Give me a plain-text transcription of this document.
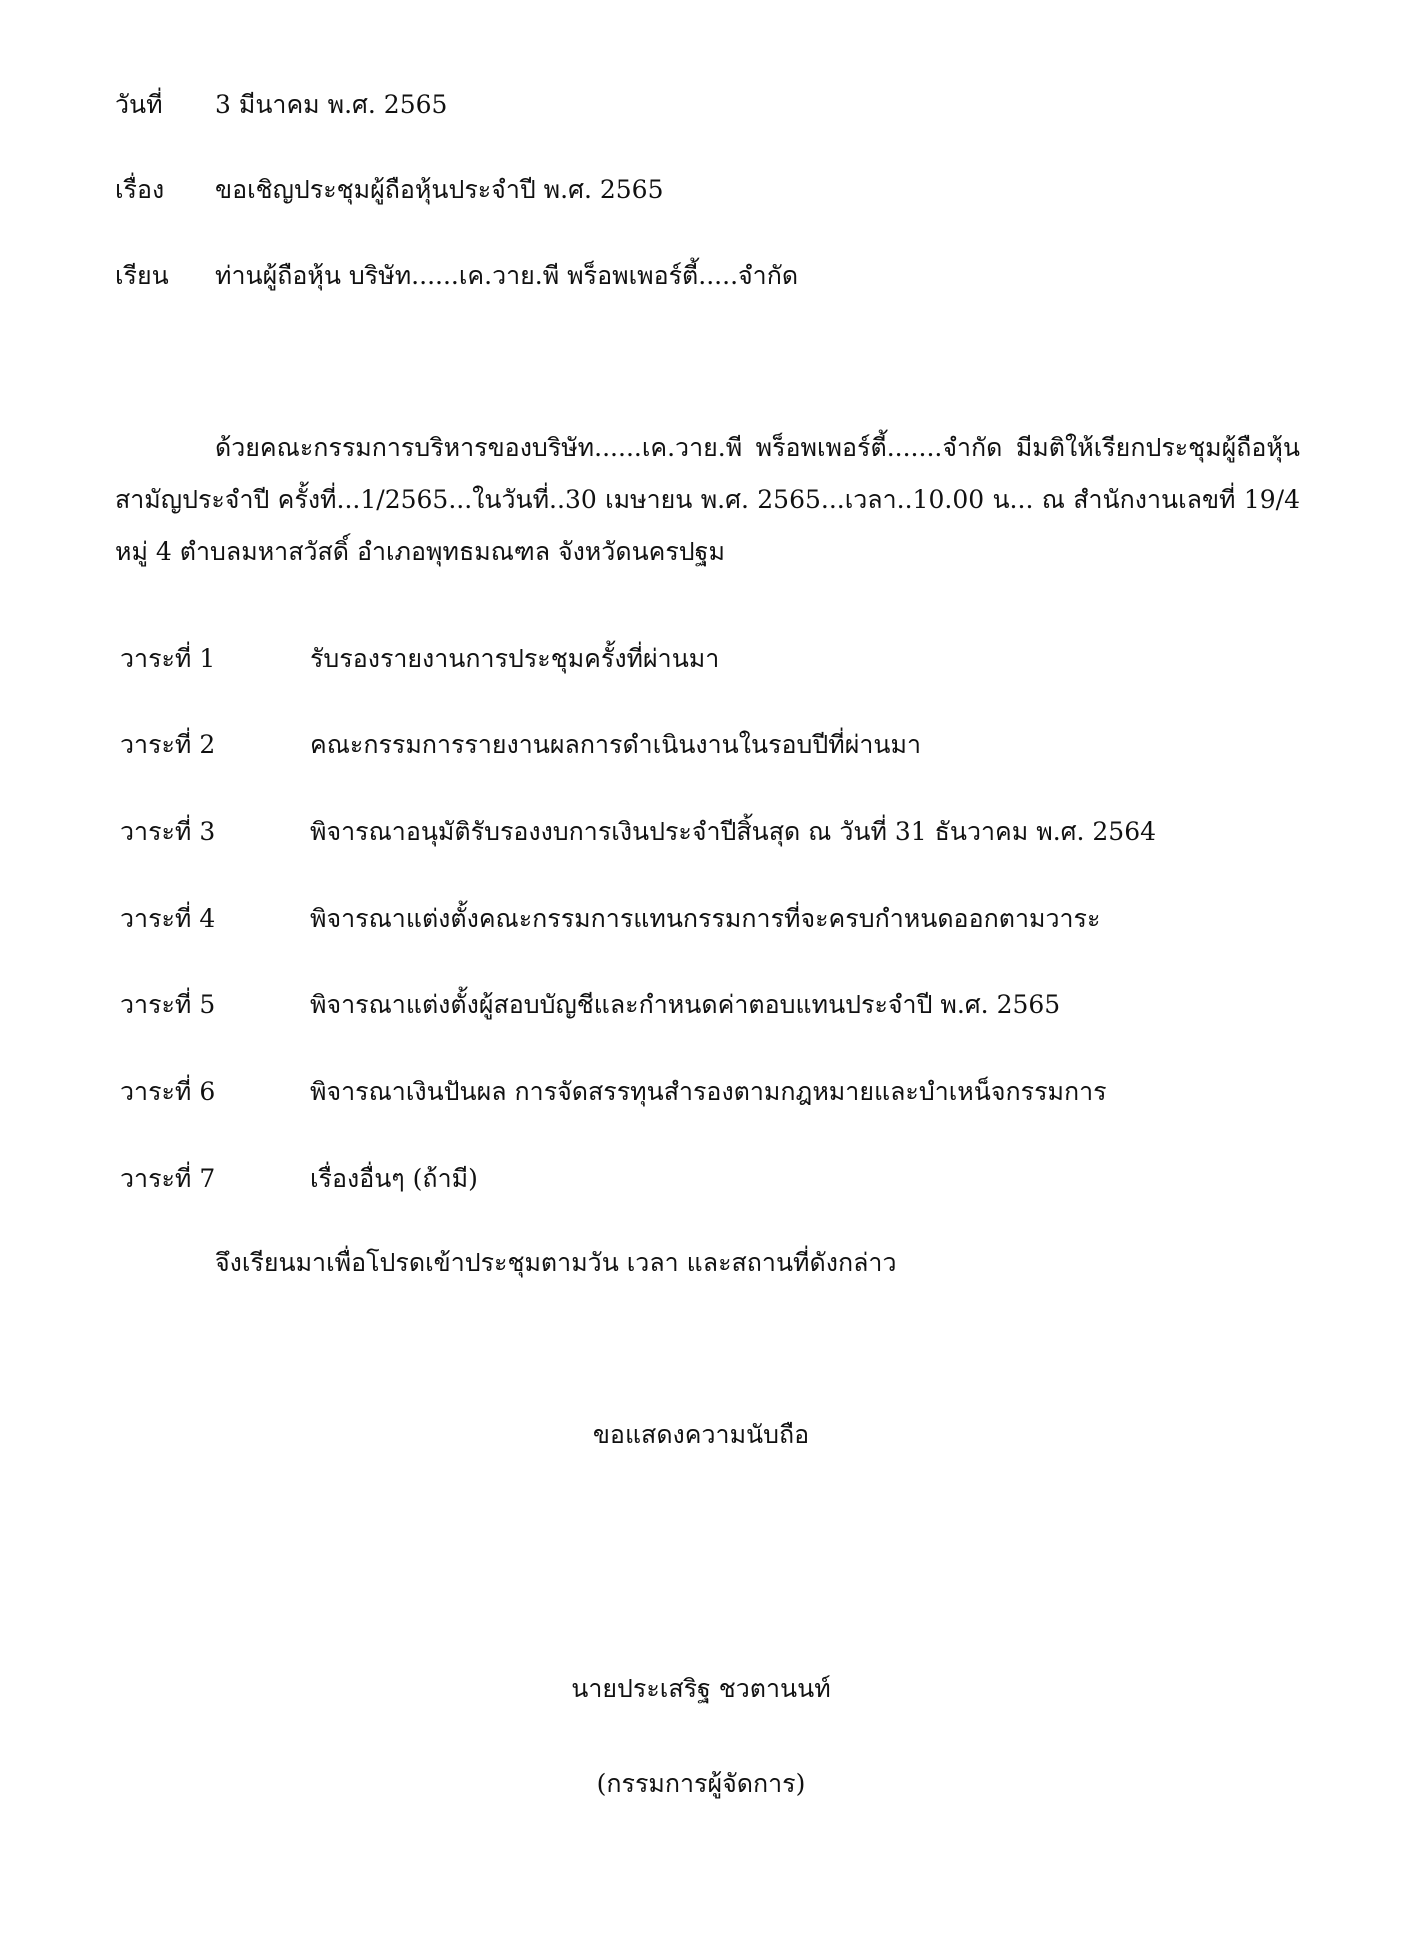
วันที่ 3 มีนาคม พ.ศ. 2565
เรื่อง ขอเชิญประชุมผู้ถือหุ้นประจำปี พ.ศ. 2565
เรียน ท่านผู้ถือหุ้น บริษัท......เค.วาย.พี พร็อพเพอร์ตี้.....จำกัด

ด้วยคณะกรรมการบริหารของบริษัท......เค.วาย.พี พร็อพเพอร์ตี้.......จำกัด มีมติให้เรียกประชุมผู้ถือหุ้นสามัญประจำปี ครั้งที่...1/2565...ในวันที่..30 เมษายน พ.ศ. 2565...เวลา..10.00 น... ณ สำนักงานเลขที่ 19/4 หมู่ 4 ตำบลมหาสวัสดิ์ อำเภอพุทธมณฑล จังหวัดนครปฐม

วาระที่ 1	รับรองรายงานการประชุมครั้งที่ผ่านมา
วาระที่ 2	คณะกรรมการรายงานผลการดำเนินงานในรอบปีที่ผ่านมา
วาระที่ 3	พิจารณาอนุมัติรับรองงบการเงินประจำปีสิ้นสุด ณ วันที่ 31 ธันวาคม พ.ศ. 2564
วาระที่ 4	พิจารณาแต่งตั้งคณะกรรมการแทนกรรมการที่จะครบกำหนดออกตามวาระ
วาระที่ 5	พิจารณาแต่งตั้งผู้สอบบัญชีและกำหนดค่าตอบแทนประจำปี พ.ศ. 2565
วาระที่ 6	พิจารณาเงินปันผล การจัดสรรทุนสำรองตามกฎหมายและบำเหน็จกรรมการ
วาระที่ 7	เรื่องอื่นๆ (ถ้ามี)
จึงเรียนมาเพื่อโปรดเข้าประชุมตามวัน เวลา และสถานที่ดังกล่าว
ขอแสดงความนับถือ
นายประเสริฐ ชวตานนท์
(กรรมการผู้จัดการ)
